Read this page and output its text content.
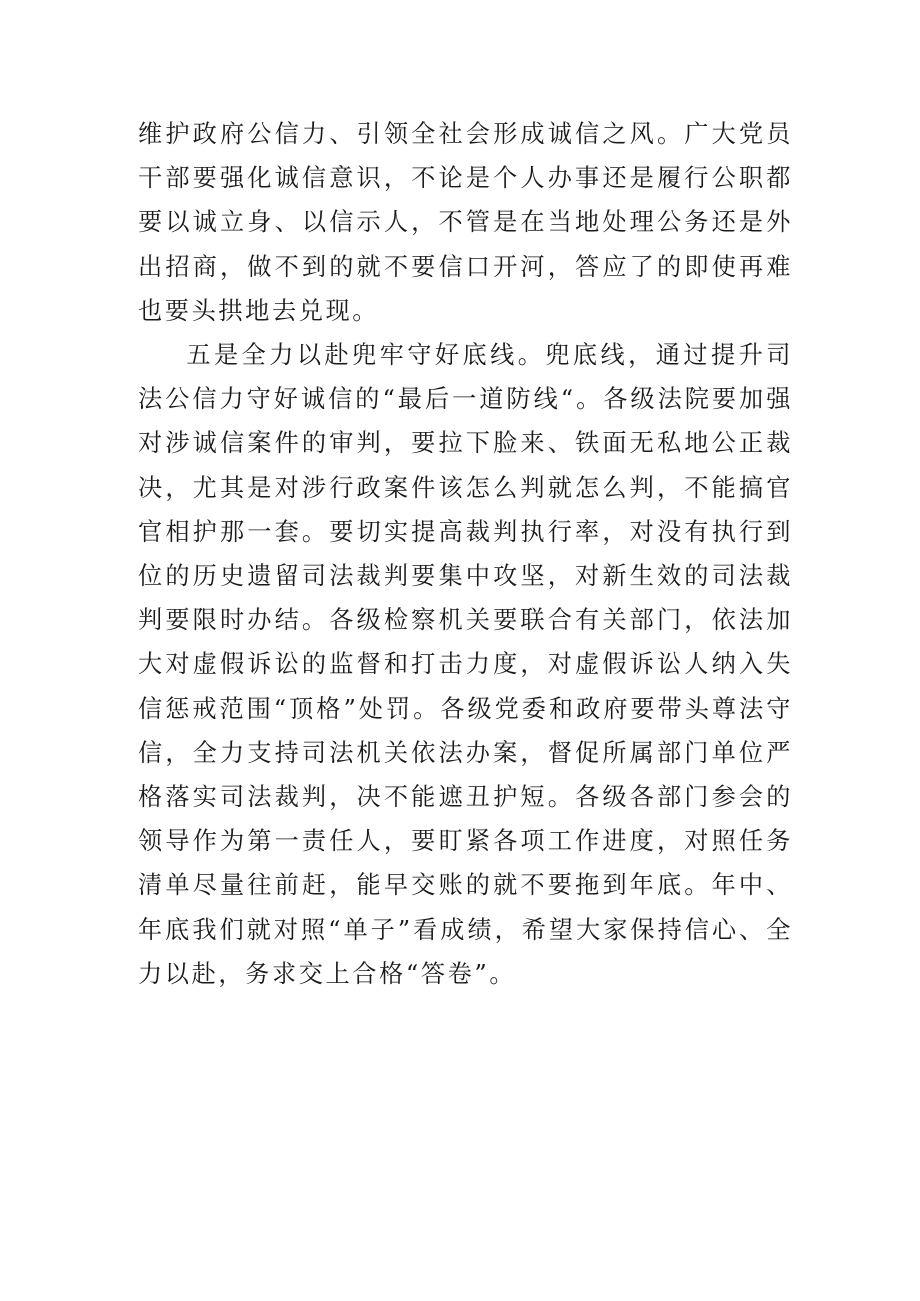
维护政府公信力、引领全社会形成诚信之风。广大党员干部要强化诚信意识，不论是个人办事还是履行公职都要以诚立身、以信示人，不管是在当地处理公务还是外出招商，做不到的就不要信口开河，答应了的即使再难也要头拱地去兑现。

五是全力以赴兜牢守好底线。兜底线，通过提升司法公信力守好诚信的“最后一道防线“。各级法院要加强对涉诚信案件的审判，要拉下脸来、铁面无私地公正裁决，尤其是对涉行政案件该怎么判就怎么判，不能搞官官相护那一套。要切实提高裁判执行率，对没有执行到位的历史遗留司法裁判要集中攻坚，对新生效的司法裁判要限时办结。各级检察机关要联合有关部门，依法加大对虚假诉讼的监督和打击力度，对虚假诉讼人纳入失信惩戒范围“顶格”处罚。各级党委和政府要带头尊法守信，全力支持司法机关依法办案，督促所属部门单位严格落实司法裁判，决不能遮丑护短。各级各部门参会的领导作为第一责任人，要盯紧各项工作进度，对照任务清单尽量往前赶，能早交账的就不要拖到年底。年中、年底我们就对照“单子”看成绩，希望大家保持信心、全力以赴，务求交上合格“答卷”。
